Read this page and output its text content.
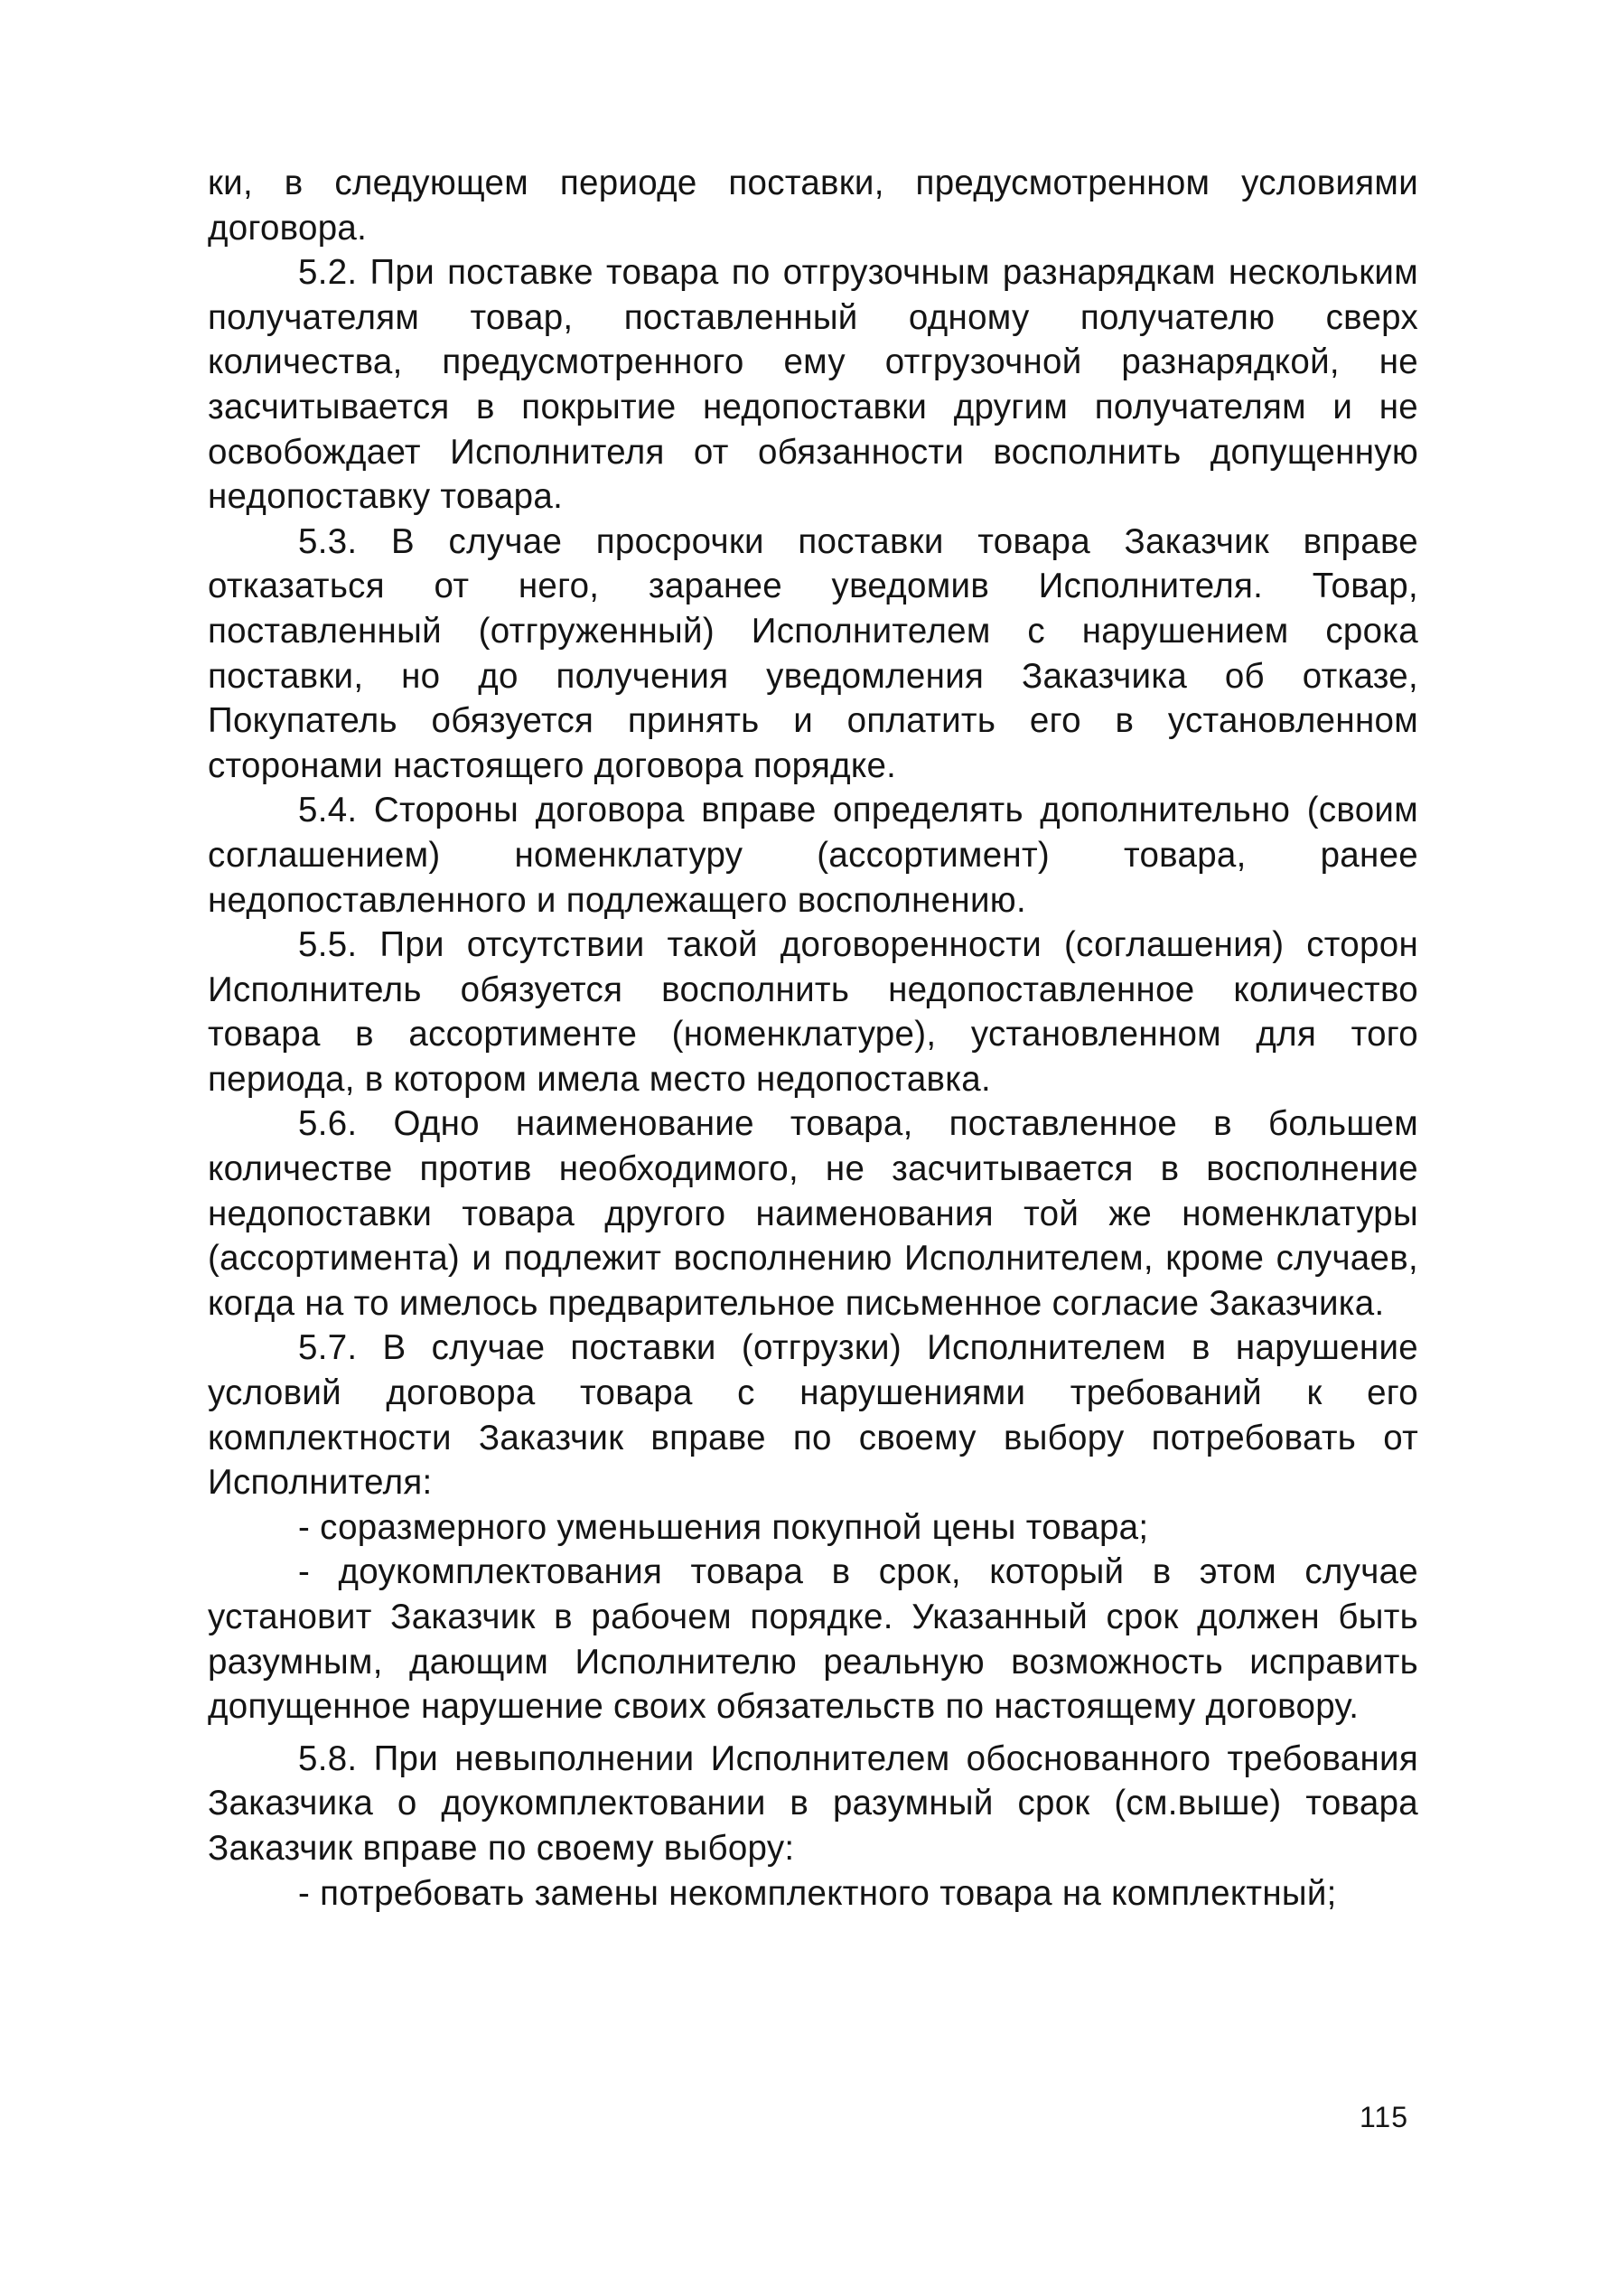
ки, в следующем периоде поставки, предусмотренном условиями договора.

5.2. При поставке товара по отгрузочным разнарядкам нескольким получателям товар, поставленный одному получателю сверх количества, предусмотренного ему отгрузочной разнарядкой, не засчитывается в покрытие недопоставки другим получателям и не освобождает Исполнителя от обязанности восполнить допущенную недопоставку товара.

5.3. В случае просрочки поставки товара Заказчик вправе отказаться от него, заранее уведомив Исполнителя. Товар, поставленный (отгруженный) Исполнителем с нарушением срока поставки, но до получения уведомления Заказчика об отказе, Покупатель обязуется принять и оплатить его в установленном сторонами настоящего договора порядке.

5.4. Стороны договора вправе определять дополнительно (своим соглашением) номенклатуру (ассортимент) товара, ранее недопоставленного и подлежащего восполнению.

5.5. При отсутствии такой договоренности (соглашения) сторон Исполнитель обязуется восполнить недопоставленное количество товара в ассортименте (номенклатуре), установленном для того периода, в котором имела место недопоставка.

5.6. Одно наименование товара, поставленное в большем количестве против необходимого, не засчитывается в восполнение недопоставки товара другого наименования той же номенклатуры (ассортимента) и подлежит восполнению Исполнителем, кроме случаев, когда на то имелось предварительное письменное согласие Заказчика.

5.7. В случае поставки (отгрузки) Исполнителем в нарушение условий договора товара с нарушениями требований к его комплектности Заказчик вправе по своему выбору потребовать от Исполнителя:

- соразмерного уменьшения покупной цены товара;

- доукомплектования товара в срок, который в этом случае установит Заказчик в рабочем порядке. Указанный срок должен быть разумным, дающим Исполнителю реальную возможность исправить допущенное нарушение своих обязательств по настоящему договору.

5.8. При невыполнении Исполнителем обоснованного требования Заказчика о доукомплектовании в разумный срок (см.выше) товара Заказчик вправе по своему выбору:

- потребовать замены некомплектного товара на комплектный;

115
